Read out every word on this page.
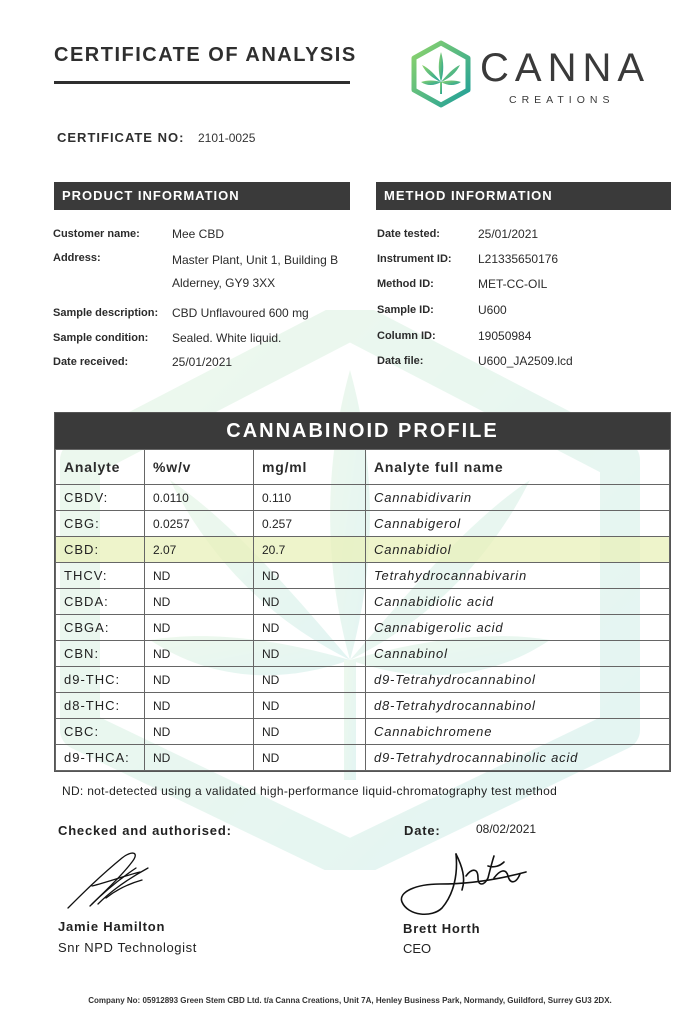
CERTIFICATE OF ANALYSIS	CANNA
CREATIONS
CERTIFICATE NO: 2101-0025
PRODUCT INFORMATION
Customer name:	Mee CBD
Address:	Master Plant, Unit 1, Building B
Alderney, GY9 3XX
Sample description: CBD Unflavoured 600 mg
Sample condition: Sealed. White liquid.
Date received:	25/01/2021
METHOD INFORMATION
Date tested:	25/01/2021
Instrument ID: L21335650176
Method ID:	MET-CC-OIL
Sample ID:	U600
Column ID:	19050984
Data file:	U600_JA2509.lcd
CANNABINOID PROFILE
Analyte	%w/v	mg/ml	Analyte full name
CBDV:	0.0110	0.110	Cannabidivarin
CBG:	0.0257	0.257	Cannabigerol
CBD:	2.07	20.7	Cannabidiol
THCV:	ND	ND	Tetrahydrocannabivarin
CBDA:	ND	ND	Cannabidiolic acid
CBGA:	ND	ND	Cannabigerolic acid
CBN:	ND	ND	Cannabinol
d9-THC:	ND	ND	d9-Tetrahydrocannabinol
d8-THC:	ND	ND	d8-Tetrahydrocannabinol
CBC:	ND	ND	Cannabichromene
d9-THCA:	ND	ND	d9-Tetrahydrocannabinolic acid
ND: not-detected using a validated high-performance liquid-chromatography test method
Checked and authorised:	Date:	08/02/2021
Jamie Hamilton
Snr NPD Technologist
Brett Horth
CEO
Company No: 05912893 Green Stem CBD Ltd. t/a Canna Creations, Unit 7A, Henley Business Park, Normandy, Guildford, Surrey GU3 2DX.
